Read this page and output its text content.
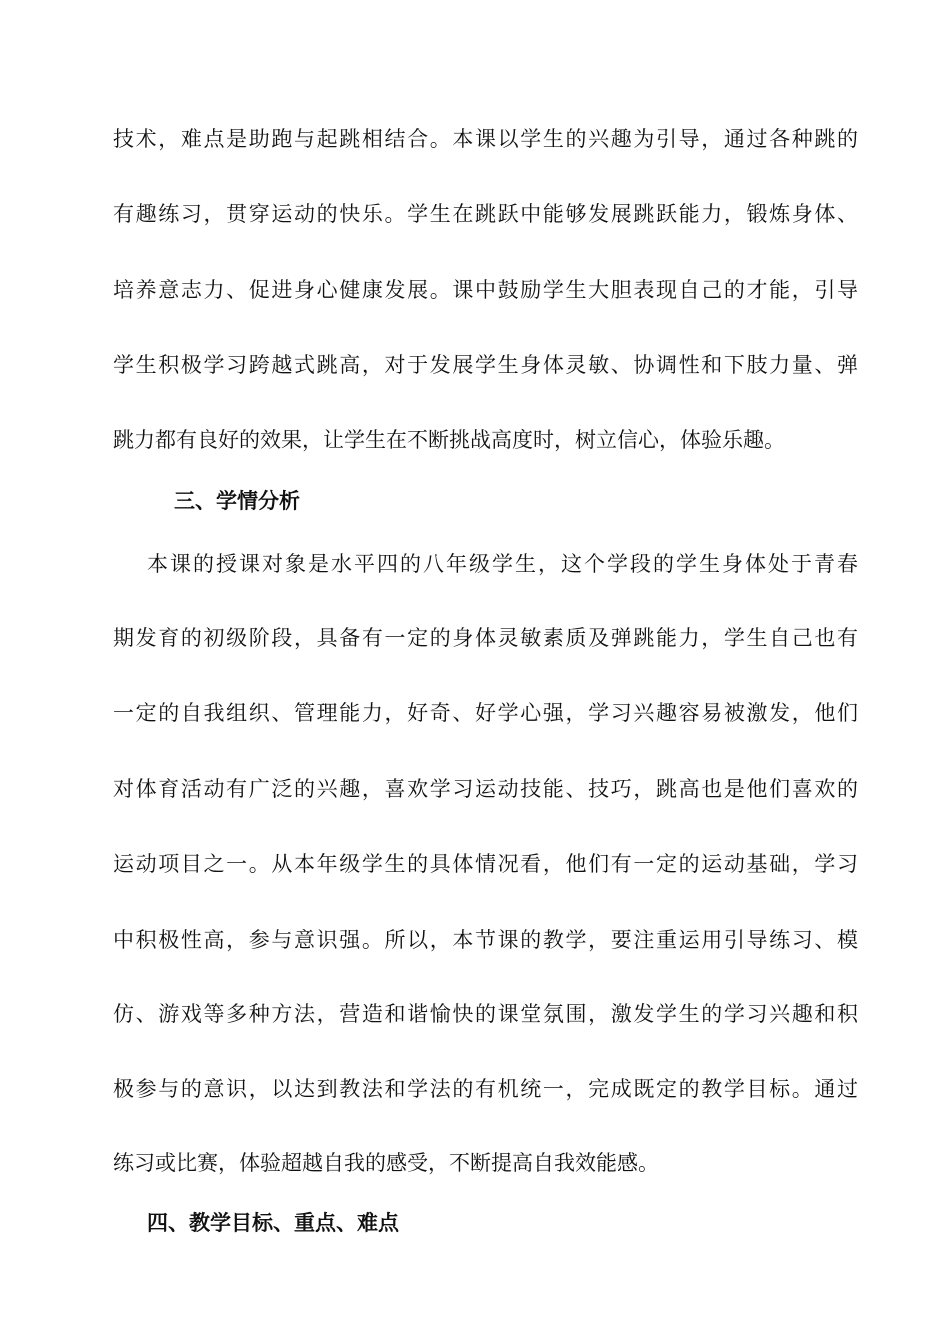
技术，难点是助跑与起跳相结合。本课以学生的兴趣为引导，通过各种跳的
有趣练习，贯穿运动的快乐。学生在跳跃中能够发展跳跃能力，锻炼身体、
培养意志力、促进身心健康发展。课中鼓励学生大胆表现自己的才能，引导
学生积极学习跨越式跳高，对于发展学生身体灵敏、协调性和下肢力量、弹
跳力都有良好的效果，让学生在不断挑战高度时，树立信心，体验乐趣。
三、学情分析
本课的授课对象是水平四的八年级学生，这个学段的学生身体处于青春
期发育的初级阶段，具备有一定的身体灵敏素质及弹跳能力，学生自己也有
一定的自我组织、管理能力，好奇、好学心强，学习兴趣容易被激发，他们
对体育活动有广泛的兴趣，喜欢学习运动技能、技巧，跳高也是他们喜欢的
运动项目之一。从本年级学生的具体情况看，他们有一定的运动基础，学习
中积极性高，参与意识强。所以，本节课的教学，要注重运用引导练习、模
仿、游戏等多种方法，营造和谐愉快的课堂氛围，激发学生的学习兴趣和积
极参与的意识，以达到教法和学法的有机统一，完成既定的教学目标。通过
练习或比赛，体验超越自我的感受，不断提高自我效能感。
四、教学目标、重点、难点
